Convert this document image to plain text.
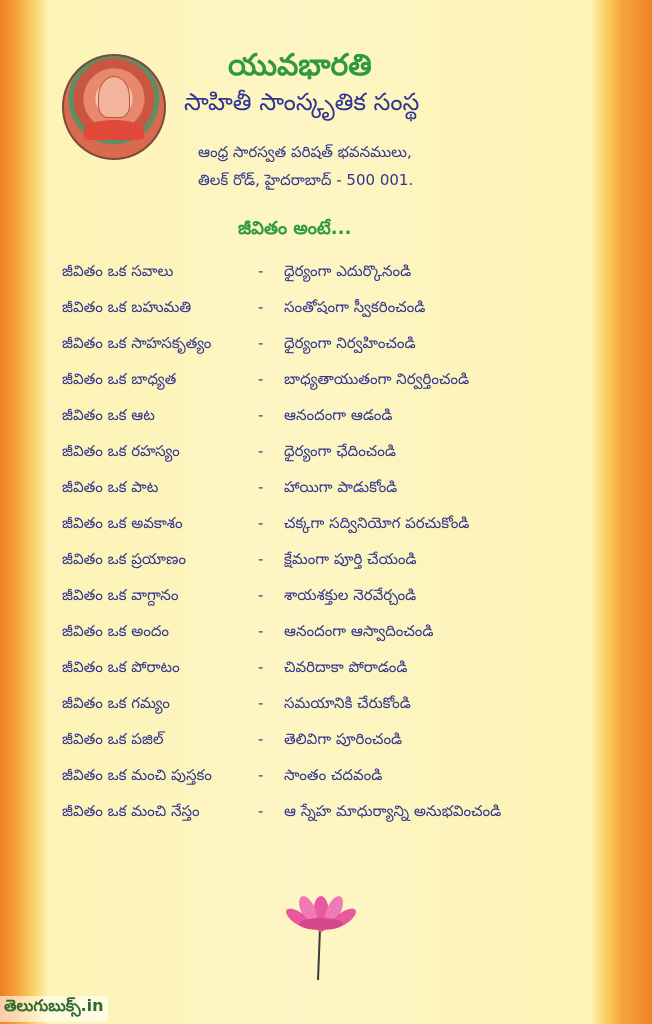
యువభారతి
సాహితీ సాంస్కృతిక సంస్థ
ఆంధ్ర సారస్వత పరిషత్ భవనములు,
తిలక్ రోడ్, హైదరాబాద్ - 500 001.
జీవితం అంటే...
జీవితం ఒక సవాలు	- ధైర్యంగా ఎదుర్కొనండి
జీవితం ఒక బహుమతి	- సంతోషంగా స్వీకరించండి
జీవితం ఒక సాహసకృత్యం	- ధైర్యంగా నిర్వహించండి
జీవితం ఒక బాధ్యత	- బాధ్యతాయుతంగా నిర్వర్తించండి
జీవితం ఒక ఆట	- ఆనందంగా ఆడండి
జీవితం ఒక రహస్యం	- ధైర్యంగా ఛేదించండి
జీవితం ఒక పాట	- హాయిగా పాడుకోండి
జీవితం ఒక అవకాశం	- చక్కగా సద్వినియోగ పరచుకోండి
జీవితం ఒక ప్రయాణం	- క్షేమంగా పూర్తి చేయండి
జీవితం ఒక వాగ్దానం	- శాయశక్తుల నెరవేర్చండి
జీవితం ఒక అందం	- ఆనందంగా ఆస్వాదించండి
జీవితం ఒక పోరాటం	- చివరిదాకా పోరాడండి
జీవితం ఒక గమ్యం	- సమయానికి చేరుకోండి
జీవితం ఒక పజిల్	- తెలివిగా పూరించండి
జీవితం ఒక మంచి పుస్తకం	- సాంతం చదవండి
జీవితం ఒక మంచి నేస్తం	- ఆ స్నేహ మాధుర్యాన్ని అనుభవించండి
తెలుగుబుక్స్.in
